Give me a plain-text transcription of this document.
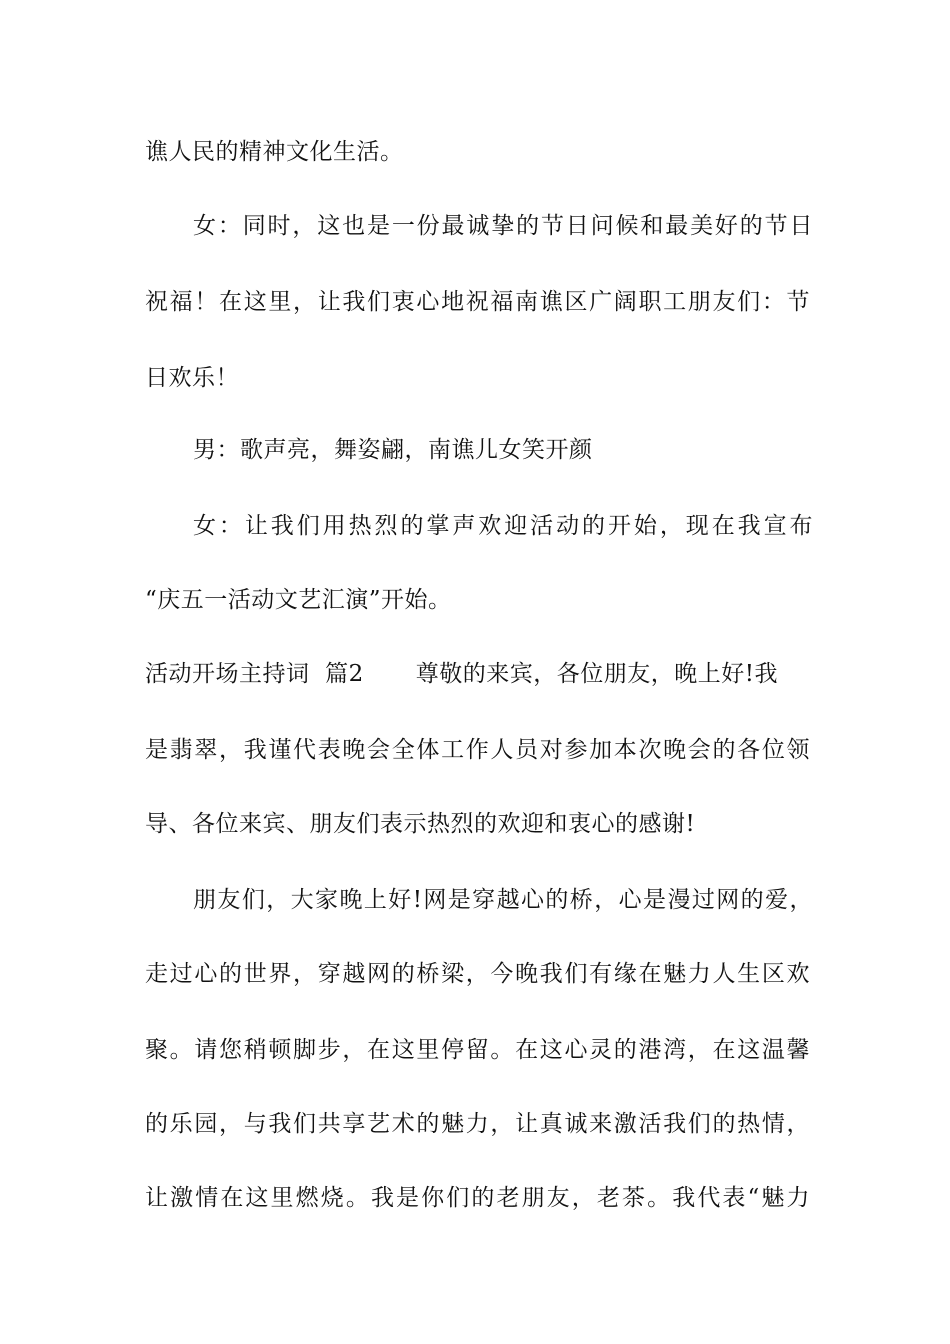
谯人民的精神文化生活。
女：同时，这也是一份最诚挚的节日问候和最美好的节日
祝福！在这里，让我们衷心地祝福南谯区广阔职工朋友们：节
日欢乐！
男：歌声亮，舞姿翩，南谯儿女笑开颜
女：让我们用热烈的掌声欢迎活动的开始，现在我宣布
“庆五一活动文艺汇演”开始。
活动开场主持词  篇2 尊敬的来宾，各位朋友，晚上好!我
是翡翠，我谨代表晚会全体工作人员对参加本次晚会的各位领
导、各位来宾、朋友们表示热烈的欢迎和衷心的感谢!
朋友们，大家晚上好!网是穿越心的桥，心是漫过网的爱，
走过心的世界，穿越网的桥梁，今晚我们有缘在魅力人生区欢
聚。请您稍顿脚步，在这里停留。在这心灵的港湾，在这温馨
的乐园，与我们共享艺术的魅力，让真诚来激活我们的热情，
让激情在这里燃烧。我是你们的老朋友，老茶。我代表“魅力
